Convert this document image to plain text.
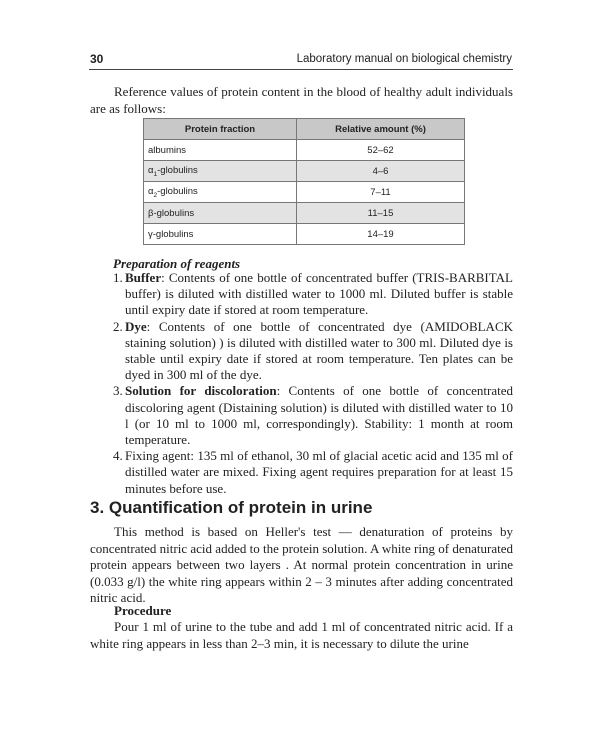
30	Laboratory manual on biological chemistry
Reference values of protein content in the blood of healthy adult individuals are as follows:
Protein fraction	Relative amount (%)
albumins	52–62
$\alpha_1$-globulins	4–6
$\alpha_2$-globulins	7–11
β-globulins	11–15
γ-globulins	14–19
Preparation of reagents
1. Buffer: Contents of one bottle of concentrated buffer (TRIS-BARBITAL buffer) is diluted with distilled water to 1000 ml. Diluted buffer is stable until expiry date if stored at room temperature.
2. Dye: Contents of one bottle of concentrated dye (AMIDOBLACK staining solution) ) is diluted with distilled water to 300 ml. Diluted dye is stable until expiry date if stored at room temperature. Ten plates can be dyed in 300 ml of the dye.
3. Solution for discoloration: Contents of one bottle of concentrated discoloring agent (Distaining solution) is diluted with distilled water to 10 l (or 10 ml to 1000 ml, correspondingly). Stability: 1 month at room temperature.
4. Fixing agent: 135 ml of ethanol, 30 ml of glacial acetic acid and 135 ml of distilled water are mixed. Fixing agent requires preparation for at least 15 minutes before use.
3. Quantification of protein in urine
This method is based on Heller's test — denaturation of proteins by concentrated nitric acid added to the protein solution. A white ring of denaturated protein appears between two layers . At normal protein concentration in urine (0.033 g/l) the white ring appears within 2 – 3 minutes after adding concentrated nitric acid.
Procedure
Pour 1 ml of urine to the tube and add 1 ml of concentrated nitric acid. If a white ring appears in less than 2–3 min, it is necessary to dilute the urine
